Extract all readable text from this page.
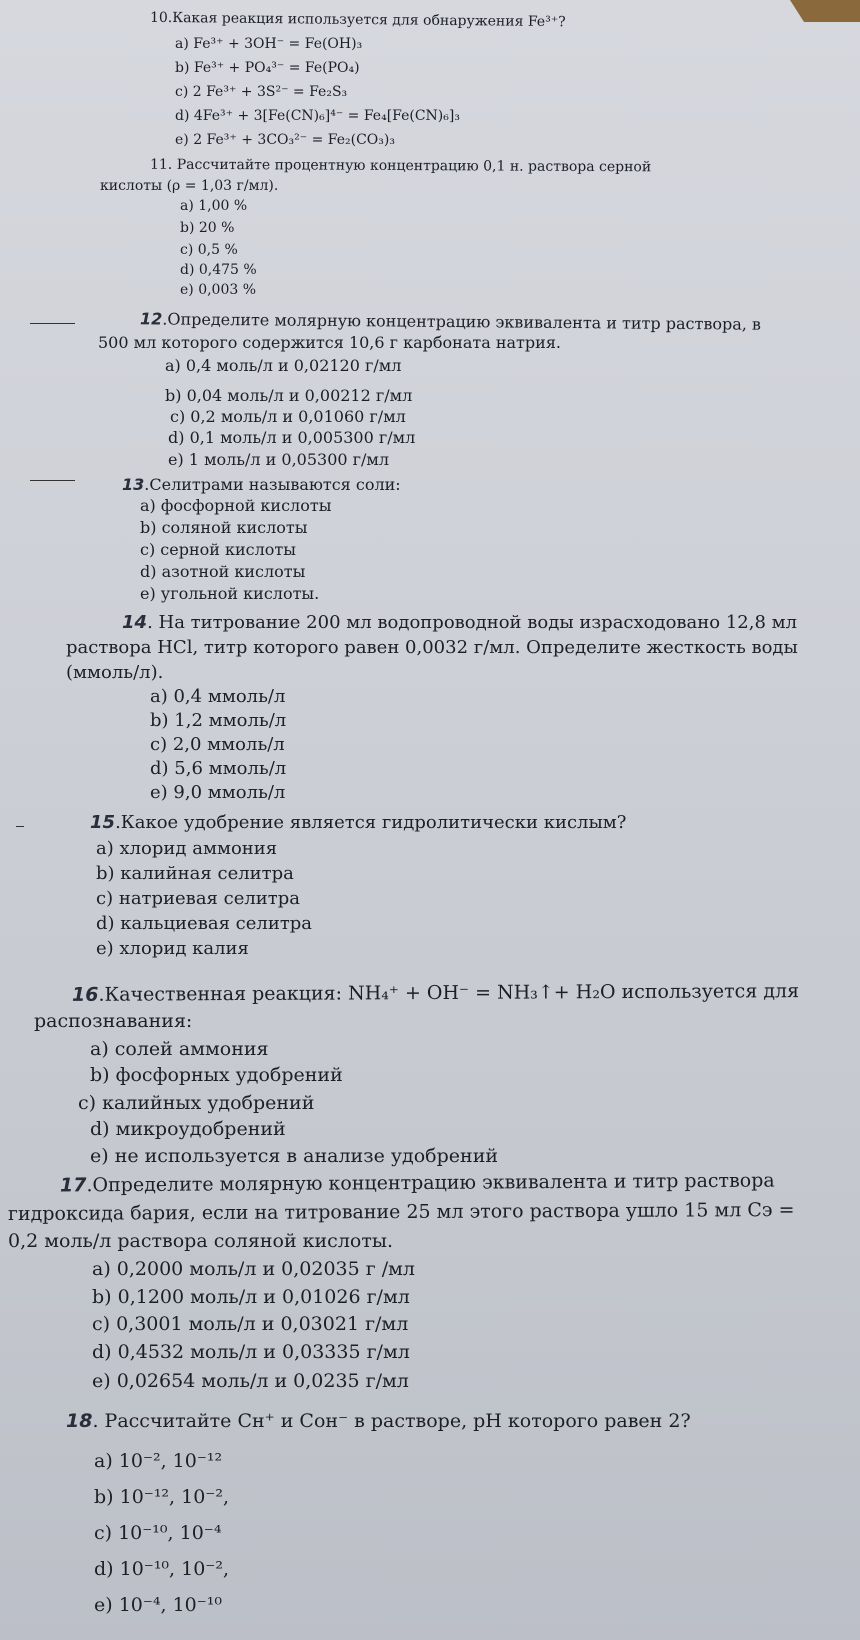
10.Какая реакция используется для обнаружения Fe³⁺?
a) Fe³⁺ + 3OH⁻ = Fe(OH)₃
b) Fe³⁺ + PO₄³⁻ = Fe(PO₄)
c) 2 Fe³⁺ + 3S²⁻ = Fe₂S₃
d) 4Fe³⁺ + 3[Fe(CN)₆]⁴⁻ = Fe₄[Fe(CN)₆]₃
e) 2 Fe³⁺ + 3CO₃²⁻ = Fe₂(CO₃)₃
11. Рассчитайте процентную концентрацию 0,1 н. раствора серной
кислоты (ρ = 1,03 г/мл).
a) 1,00 %
b) 20 %
c) 0,5 %
d) 0,475 %
e) 0,003 %
12.Определите молярную концентрацию эквивалента и титр раствора, в
500 мл которого содержится 10,6 г карбоната натрия.
a) 0,4 моль/л и 0,02120 г/мл
b) 0,04 моль/л и 0,00212 г/мл
c) 0,2 моль/л и 0,01060 г/мл
d) 0,1 моль/л и 0,005300 г/мл
e) 1 моль/л и 0,05300 г/мл
13.Селитрами называются соли:
a) фосфорной кислоты
b) соляной кислоты
c) серной кислоты
d) азотной кислоты
e) угольной кислоты.
14. На титрование 200 мл водопроводной воды израсходовано 12,8 мл
раствора HCl, титр которого равен 0,0032 г/мл. Определите жесткость воды
(ммоль/л).
a) 0,4 ммоль/л
b) 1,2 ммоль/л
c) 2,0 ммоль/л
d) 5,6 ммоль/л
e) 9,0 ммоль/л
15.Какое удобрение является гидролитически кислым?
a) хлорид аммония
b) калийная селитра
c) натриевая селитра
d) кальциевая селитра
e) хлорид калия
16.Качественная реакция: NH₄⁺ + OH⁻ = NH₃↑+ H₂O используется для
распознавания:
a) солей аммония
b) фосфорных удобрений
c) калийных удобрений
d) микроудобрений
e) не используется в анализе удобрений
17.Определите молярную концентрацию эквивалента и титр раствора
гидроксида бария, если на титрование 25 мл этого раствора ушло 15 мл Cэ =
0,2 моль/л раствора соляной кислоты.
a) 0,2000 моль/л и 0,02035 г /мл
b) 0,1200 моль/л и 0,01026 г/мл
c) 0,3001 моль/л и 0,03021 г/мл
d) 0,4532 моль/л и 0,03335 г/мл
e) 0,02654 моль/л и 0,0235 г/мл
18. Рассчитайте Cн⁺ и Cон⁻ в растворе, pH которого равен 2?
a) 10⁻², 10⁻¹²
b) 10⁻¹², 10⁻²,
c) 10⁻¹⁰, 10⁻⁴
d) 10⁻¹⁰, 10⁻²,
e) 10⁻⁴, 10⁻¹⁰
